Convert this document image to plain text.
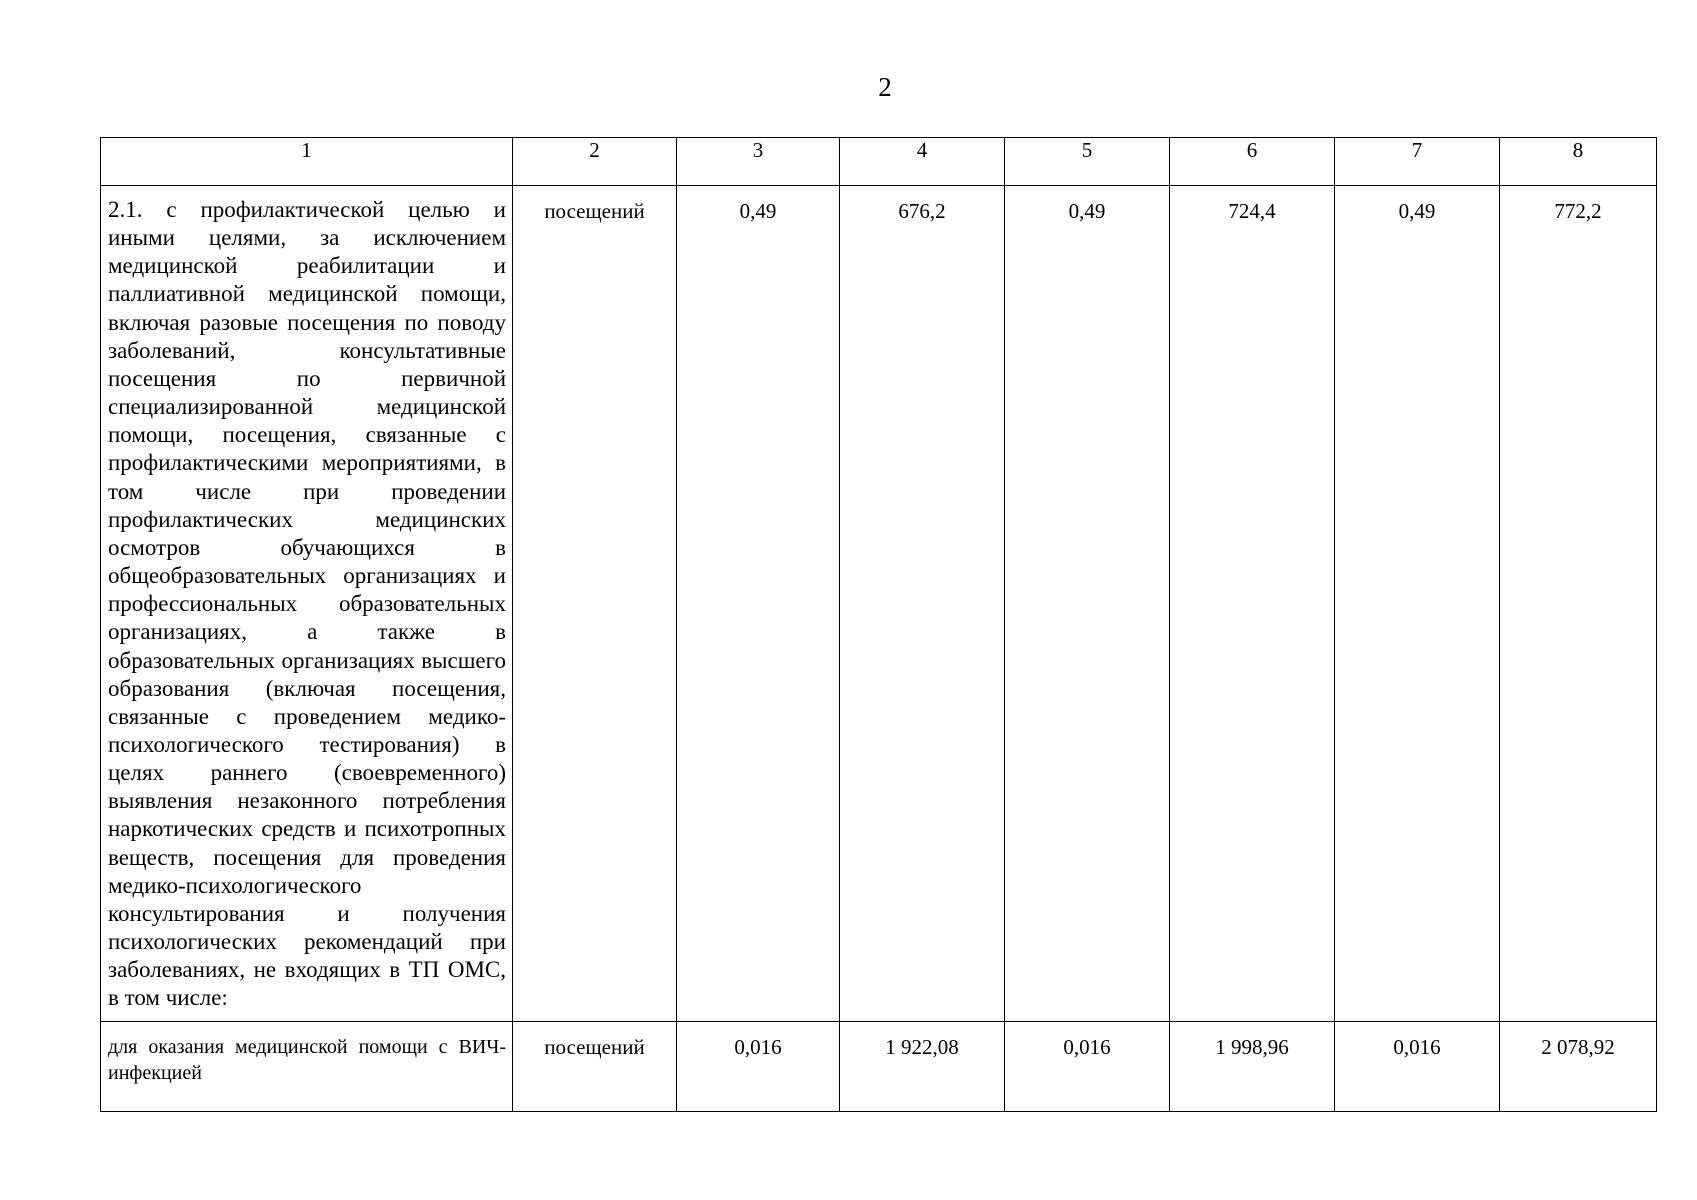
2
1	2	3	4	5	6	7	8
2.1. с профилактической целью и иными целями, за исключением медицинской реабилитации и паллиативной медицинской помощи, включая разовые посещения по поводу заболеваний, консультативные посещения по первичной специализированной медицинской помощи, посещения, связанные с профилактическими мероприятиями, в том числе при проведении профилактических медицинских осмотров обучающихся в общеобразовательных организациях и профессиональных образовательных организациях, а также в образовательных организациях высшего образования (включая посещения, связанные с проведением медико-психологического тестирования) в целях раннего (своевременного) выявления незаконного потребления наркотических средств и психотропных веществ, посещения для проведения медико-психологического консультирования и получения психологических рекомендаций при заболеваниях, не входящих в ТП ОМС, в том числе:	посещений	0,49	676,2	0,49	724,4	0,49	772,2
для оказания медицинской помощи с ВИЧ-инфекцией	посещений	0,016	1 922,08	0,016	1 998,96	0,016	2 078,92
